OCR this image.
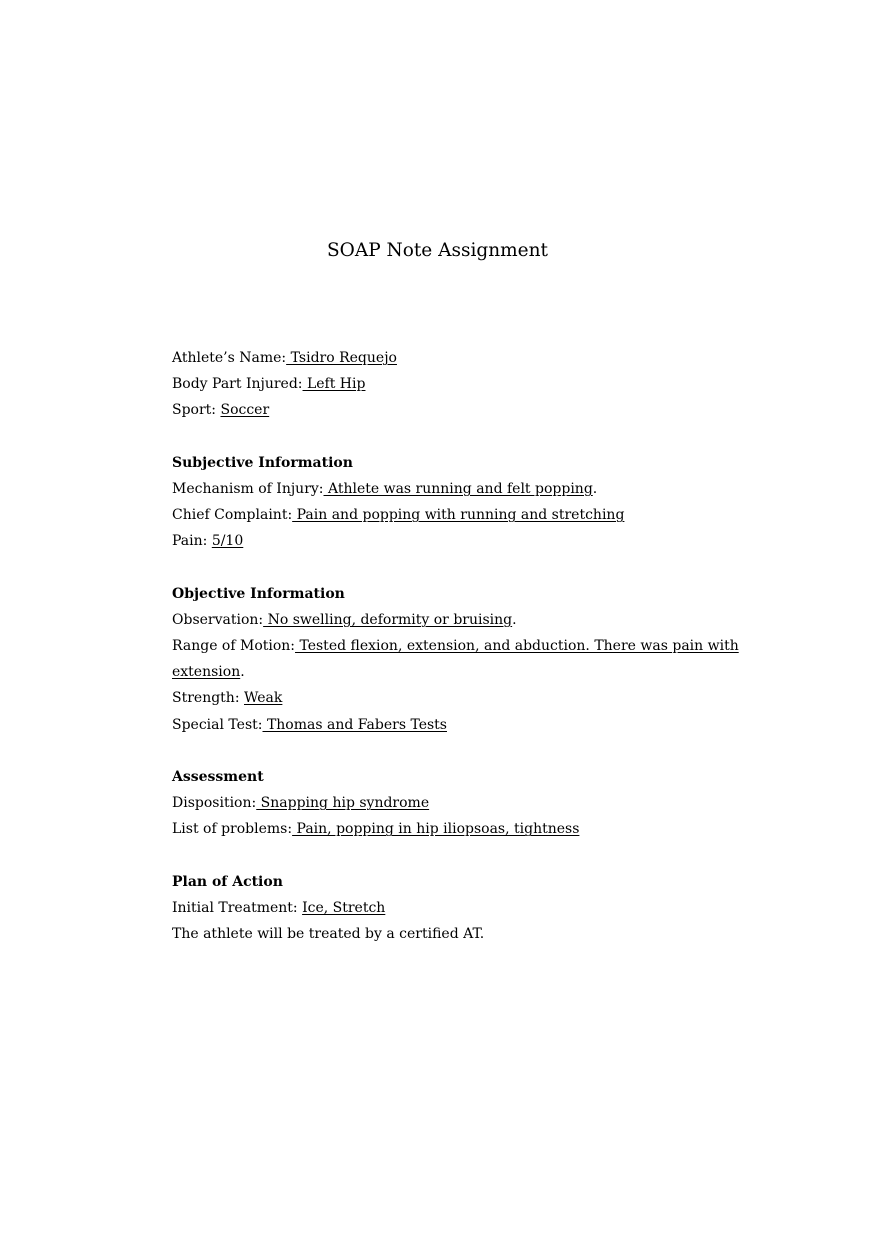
SOAP Note Assignment
Athlete’s Name: Tsidro Requejo
Body Part Injured: Left Hip
Sport: Soccer
Subjective Information
Mechanism of Injury: Athlete was running and felt popping.
Chief Complaint: Pain and popping with running and stretching
Pain: 5/10
Objective Information
Observation: No swelling, deformity or bruising.
Range of Motion: Tested flexion, extension, and abduction. There was pain with
extension.
Strength: Weak
Special Test: Thomas and Fabers Tests
Assessment
Disposition: Snapping hip syndrome
List of problems: Pain, popping in hip iliopsoas, tightness
Plan of Action
Initial Treatment: Ice, Stretch
The athlete will be treated by a certified AT.
